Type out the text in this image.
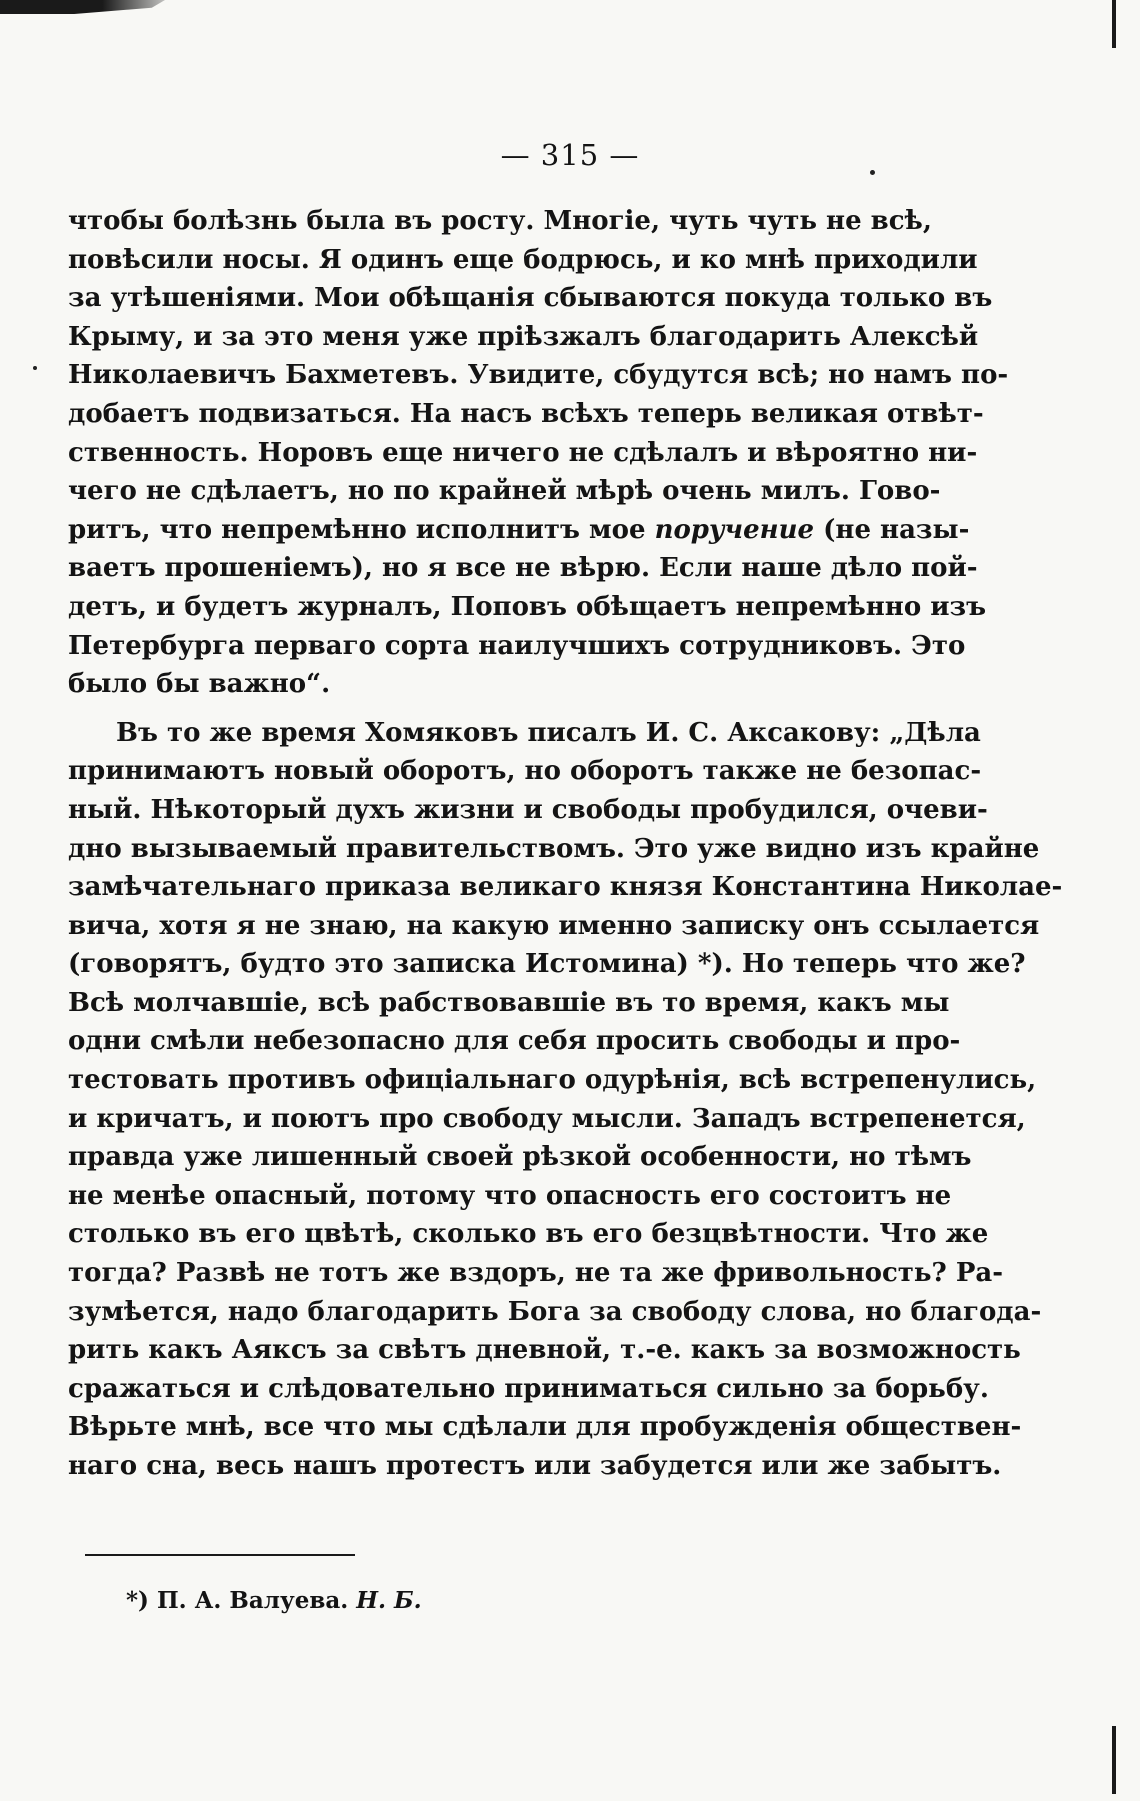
— 315 —
чтобы болѣзнь была въ росту. Многіе, чуть чуть не всѣ,
повѣсили носы. Я одинъ еще бодрюсь, и ко мнѣ приходили
за утѣшеніями. Мои обѣщанія сбываются покуда только въ
Крыму, и за это меня уже пріѣзжалъ благодарить Алексѣй
Николаевичъ Бахметевъ. Увидите, сбудутся всѣ; но намъ по-
добаетъ подвизаться. На насъ всѣхъ теперь великая отвѣт-
ственность. Норовъ еще ничего не сдѣлалъ и вѣроятно ни-
чего не сдѣлаетъ, но по крайней мѣрѣ очень милъ. Гово-
ритъ, что непремѣнно исполнитъ мое поручение (не назы-
ваетъ прошеніемъ), но я все не вѣрю. Если наше дѣло пой-
детъ, и будетъ журналъ, Поповъ обѣщаетъ непремѣнно изъ
Петербурга перваго сорта наилучшихъ сотрудниковъ. Это
было бы важно“.
Въ то же время Хомяковъ писалъ И. С. Аксакову: „Дѣла
принимаютъ новый оборотъ, но оборотъ также не безопас-
ный. Нѣкоторый духъ жизни и свободы пробудился, очеви-
дно вызываемый правительствомъ. Это уже видно изъ крайне
замѣчательнаго приказа великаго князя Константина Николае-
вича, хотя я не знаю, на какую именно записку онъ ссылается
(говорятъ, будто это записка Истомина) *). Но теперь что же?
Всѣ молчавшіе, всѣ рабствовавшіе въ то время, какъ мы
одни смѣли небезопасно для себя просить свободы и про-
тестовать противъ офиціальнаго одурѣнія, всѣ встрепенулись,
и кричатъ, и поютъ про свободу мысли. Западъ встрепенется,
правда уже лишенный своей рѣзкой особенности, но тѣмъ
не менѣе опасный, потому что опасность его состоитъ не
столько въ его цвѣтѣ, сколько въ его безцвѣтности. Что же
тогда? Развѣ не тотъ же вздоръ, не та же фривольность? Ра-
зумѣется, надо благодарить Бога за свободу слова, но благода-
рить какъ Аяксъ за свѣтъ дневной, т.-е. какъ за возможность
сражаться и слѣдовательно приниматься сильно за борьбу.
Вѣрьте мнѣ, все что мы сдѣлали для пробужденія обществен-
наго сна, весь нашъ протестъ или забудется или же забытъ.
*) П. А. Валуева. Н. Б.
